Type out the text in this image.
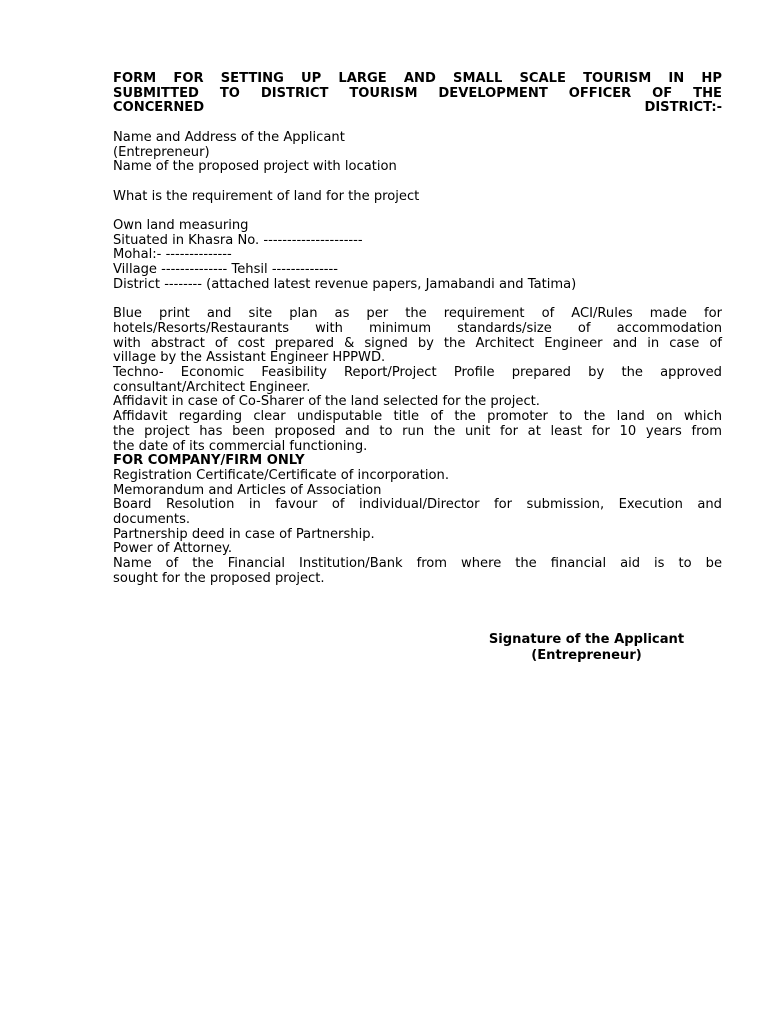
FORM FOR SETTING UP LARGE AND SMALL SCALE TOURISM IN HP
SUBMITTED TO DISTRICT TOURISM DEVELOPMENT OFFICER OF THE
CONCERNED DISTRICT:-
Name and Address of the Applicant
(Entrepreneur)
Name of the proposed project with location
What is the requirement of land for the project
Own land measuring
Situated in Khasra No. ---------------------
Mohal:- --------------
Village -------------- Tehsil --------------
District -------- (attached latest revenue papers, Jamabandi and Tatima)
Blue print and site plan as per the requirement of ACI/Rules made for
hotels/Resorts/Restaurants with minimum standards/size of accommodation
with abstract of cost prepared & signed by the Architect Engineer and in case of
village by the Assistant Engineer HPPWD.
Techno- Economic Feasibility Report/Project Profile prepared by the approved
consultant/Architect Engineer.
Affidavit in case of Co-Sharer of the land selected for the project.
Affidavit regarding clear undisputable title of the promoter to the land on which
the project has been proposed and to run the unit for at least for 10 years from
the date of its commercial functioning.
FOR COMPANY/FIRM ONLY
Registration Certificate/Certificate of incorporation.
Memorandum and Articles of Association
Board Resolution in favour of individual/Director for submission, Execution and
documents.
Partnership deed in case of Partnership.
Power of Attorney.
Name of the Financial Institution/Bank from where the financial aid is to be
sought for the proposed project.
Signature of the Applicant
(Entrepreneur)
